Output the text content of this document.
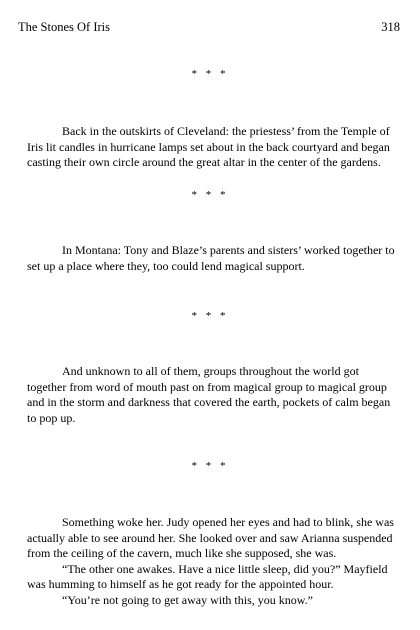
The Stones Of Iris	318
* * *

Back in the outskirts of Cleveland: the priestess’ from the Temple of Iris lit candles in hurricane lamps set about in the back courtyard and began casting their own circle around the great altar in the center of the gardens.

* * *

In Montana: Tony and Blaze’s parents and sisters’ worked together to set up a place where they, too could lend magical support.

* * *

And unknown to all of them, groups throughout the world got together from word of mouth past on from magical group to magical group and in the storm and darkness that covered the earth, pockets of calm began to pop up.

* * *

Something woke her. Judy opened her eyes and had to blink, she was actually able to see around her. She looked over and saw Arianna suspended from the ceiling of the cavern, much like she supposed, she was.

“The other one awakes. Have a nice little sleep, did you?” Mayfield was humming to himself as he got ready for the appointed hour.

“You’re not going to get away with this, you know.”
